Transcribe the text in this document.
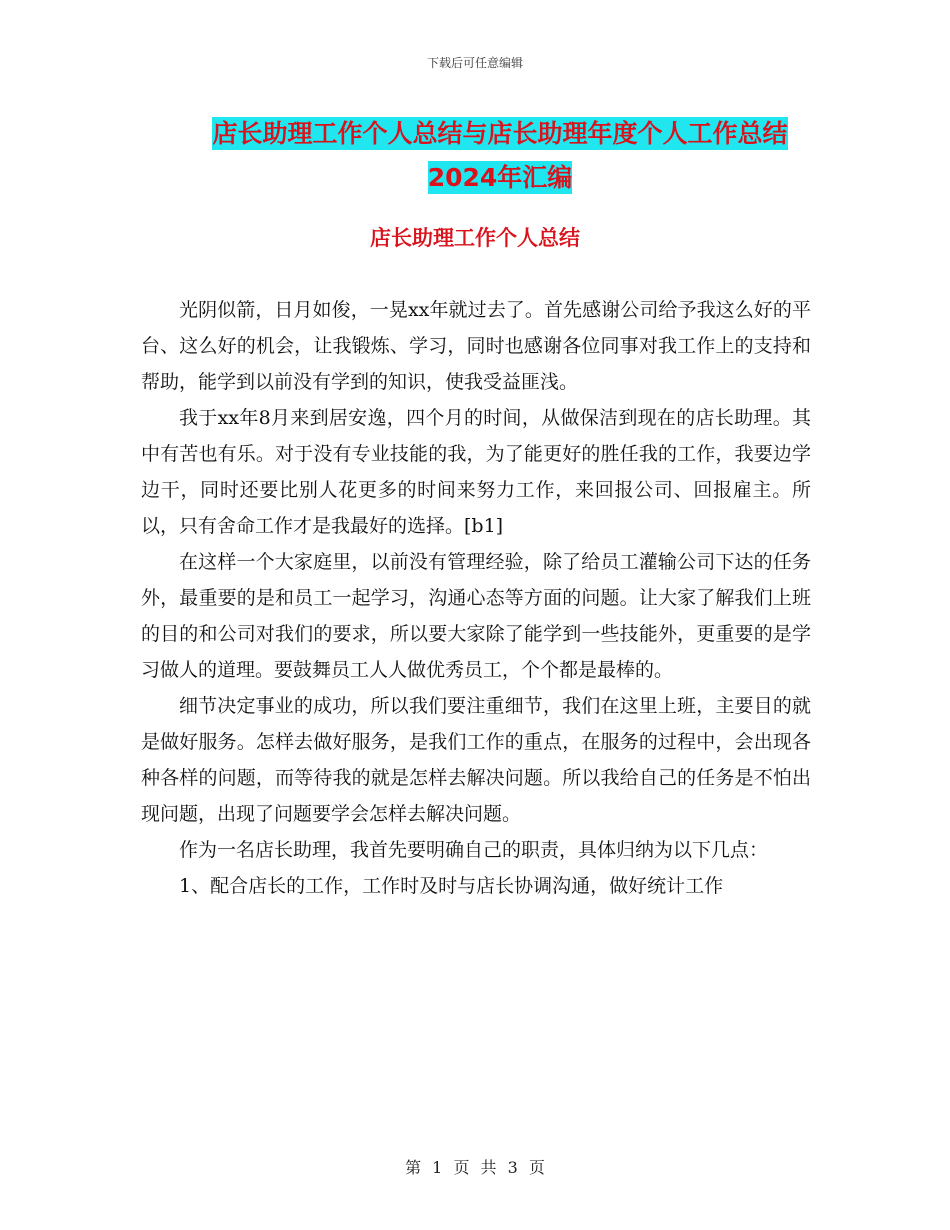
下载后可任意编辑
店长助理工作个人总结与店长助理年度个人工作总结
2024年汇编
店长助理工作个人总结

光阴似箭，日月如俊，一晃xx年就过去了。首先感谢公司给予我这么好的平台、这么好的机会，让我锻炼、学习，同时也感谢各位同事对我工作上的支持和帮助，能学到以前没有学到的知识，使我受益匪浅。

我于xx年8月来到居安逸，四个月的时间，从做保洁到现在的店长助理。其中有苦也有乐。对于没有专业技能的我，为了能更好的胜任我的工作，我要边学边干，同时还要比别人花更多的时间来努力工作，来回报公司、回报雇主。所以，只有舍命工作才是我最好的选择。[b1]

在这样一个大家庭里，以前没有管理经验，除了给员工灌输公司下达的任务外，最重要的是和员工一起学习，沟通心态等方面的问题。让大家了解我们上班的目的和公司对我们的要求，所以要大家除了能学到一些技能外，更重要的是学习做人的道理。要鼓舞员工人人做优秀员工，个个都是最棒的。

细节决定事业的成功，所以我们要注重细节，我们在这里上班，主要目的就是做好服务。怎样去做好服务，是我们工作的重点，在服务的过程中，会出现各种各样的问题，而等待我的就是怎样去解决问题。所以我给自己的任务是不怕出现问题，出现了问题要学会怎样去解决问题。

作为一名店长助理，我首先要明确自己的职责，具体归纳为以下几点：

1、配合店长的工作，工作时及时与店长协调沟通，做好统计工作

第 1 页 共 3 页
